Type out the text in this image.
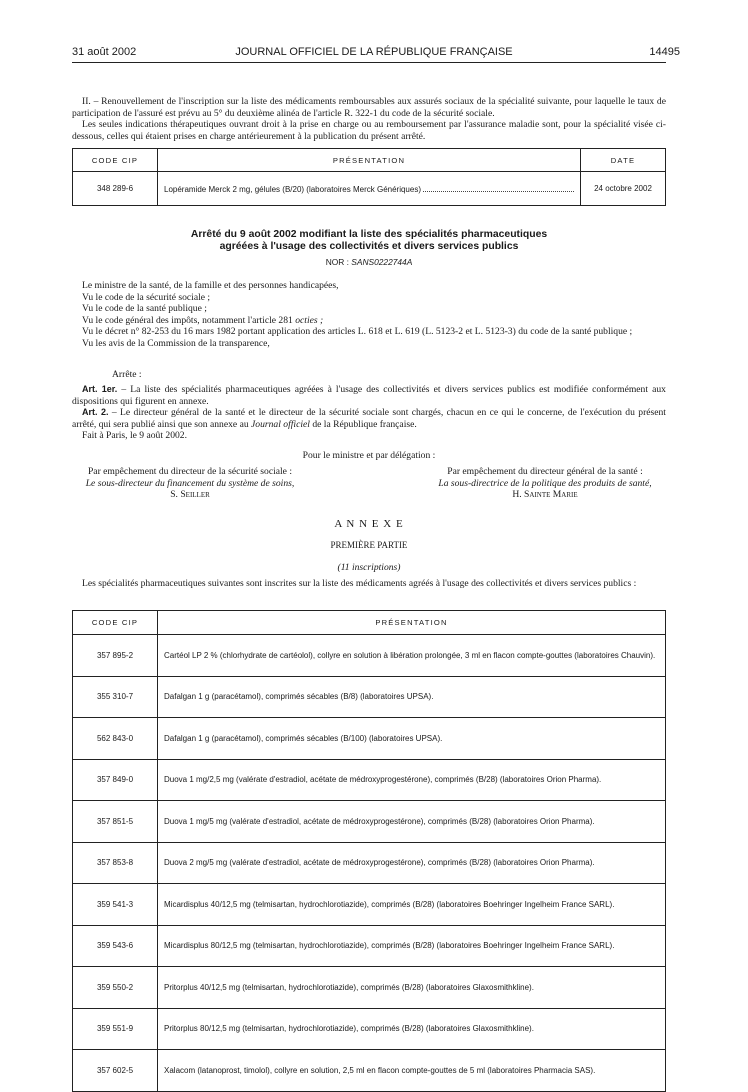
31 août 2002	JOURNAL OFFICIEL DE LA RÉPUBLIQUE FRANÇAISE	14495

II. – Renouvellement de l'inscription sur la liste des médicaments remboursables aux assurés sociaux de la spécialité suivante, pour laquelle le taux de participation de l'assuré est prévu au 5° du deuxième alinéa de l'article R. 322-1 du code de la sécurité sociale.

Les seules indications thérapeutiques ouvrant droit à la prise en charge ou au remboursement par l'assurance maladie sont, pour la spécialité visée ci-dessous, celles qui étaient prises en charge antérieurement à la publication du présent arrêté.

CODE CIP	PRÉSENTATION	DATE
348 289-6	Lopéramide Merck 2 mg, gélules (B/20) (laboratoires Merck Génériques)	24 octobre 2002
Arrêté du 9 août 2002 modifiant la liste des spécialités pharmaceutiques
agréées à l'usage des collectivités et divers services publics
NOR : SANS0222744A

Le ministre de la santé, de la famille et des personnes handicapées,

Vu le code de la sécurité sociale ;

Vu le code de la santé publique ;

Vu le code général des impôts, notamment l'article 281 octies ;

Vu le décret n° 82-253 du 16 mars 1982 portant application des articles L. 618 et L. 619 (L. 5123-2 et L. 5123-3) du code de la santé publique ;

Vu les avis de la Commission de la transparence,

Arrête :

Art. 1er. – La liste des spécialités pharmaceutiques agréées à l'usage des collectivités et divers services publics est modifiée conformément aux dispositions qui figurent en annexe.

Art. 2. – Le directeur général de la santé et le directeur de la sécurité sociale sont chargés, chacun en ce qui le concerne, de l'exécution du présent arrêté, qui sera publié ainsi que son annexe au Journal officiel de la République française.

Fait à Paris, le 9 août 2002.

Pour le ministre et par délégation :
Par empêchement du directeur de la sécurité sociale :
Le sous-directeur du financement du système de soins,
S. Seiller
Par empêchement du directeur général de la santé :
La sous-directrice de la politique des produits de santé,
H. Sainte Marie
A N N E X E
PREMIÈRE PARTIE
(11 inscriptions)

Les spécialités pharmaceutiques suivantes sont inscrites sur la liste des médicaments agréés à l'usage des collectivités et divers services publics :

CODE CIP	PRÉSENTATION
357 895-2	Cartéol LP 2 % (chlorhydrate de cartéolol), collyre en solution à libération prolongée, 3 ml en flacon compte-gouttes (laboratoires Chauvin).
355 310-7	Dafalgan 1 g (paracétamol), comprimés sécables (B/8) (laboratoires UPSA).
562 843-0	Dafalgan 1 g (paracétamol), comprimés sécables (B/100) (laboratoires UPSA).
357 849-0	Duova 1 mg/2,5 mg (valérate d'estradiol, acétate de médroxyprogestérone), comprimés (B/28) (laboratoires Orion Pharma).
357 851-5	Duova 1 mg/5 mg (valérate d'estradiol, acétate de médroxyprogestérone), comprimés (B/28) (laboratoires Orion Pharma).
357 853-8	Duova 2 mg/5 mg (valérate d'estradiol, acétate de médroxyprogestérone), comprimés (B/28) (laboratoires Orion Pharma).
359 541-3	Micardisplus 40/12,5 mg (telmisartan, hydrochlorotiazide), comprimés (B/28) (laboratoires Boehringer Ingelheim France SARL).
359 543-6	Micardisplus 80/12,5 mg (telmisartan, hydrochlorotiazide), comprimés (B/28) (laboratoires Boehringer Ingelheim France SARL).
359 550-2	Pritorplus 40/12,5 mg (telmisartan, hydrochlorotiazide), comprimés (B/28) (laboratoires Glaxosmithkline).
359 551-9	Pritorplus 80/12,5 mg (telmisartan, hydrochlorotiazide), comprimés (B/28) (laboratoires Glaxosmithkline).
357 602-5	Xalacom (latanoprost, timolol), collyre en solution, 2,5 ml en flacon compte-gouttes de 5 ml (laboratoires Pharmacia SAS).
